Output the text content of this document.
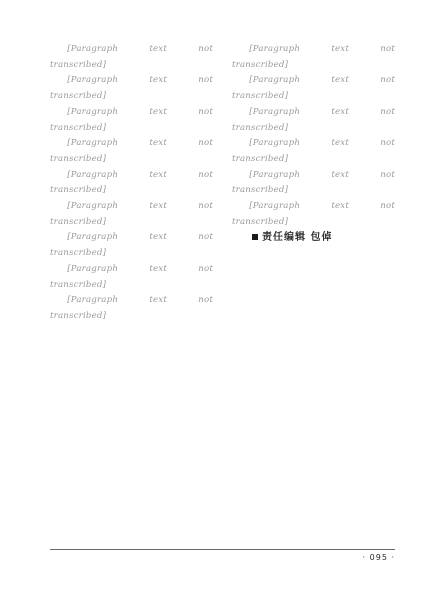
[Paragraph text not transcribed]

[Paragraph text not transcribed]

[Paragraph text not transcribed]

[Paragraph text not transcribed]

[Paragraph text not transcribed]

[Paragraph text not transcribed]

[Paragraph text not transcribed]

[Paragraph text not transcribed]

[Paragraph text not transcribed]

[Paragraph text not transcribed]

[Paragraph text not transcribed]

[Paragraph text not transcribed]

[Paragraph text not transcribed]

[Paragraph text not transcribed]

[Paragraph text not transcribed]

责任编辑 包倬

· 095 ·
